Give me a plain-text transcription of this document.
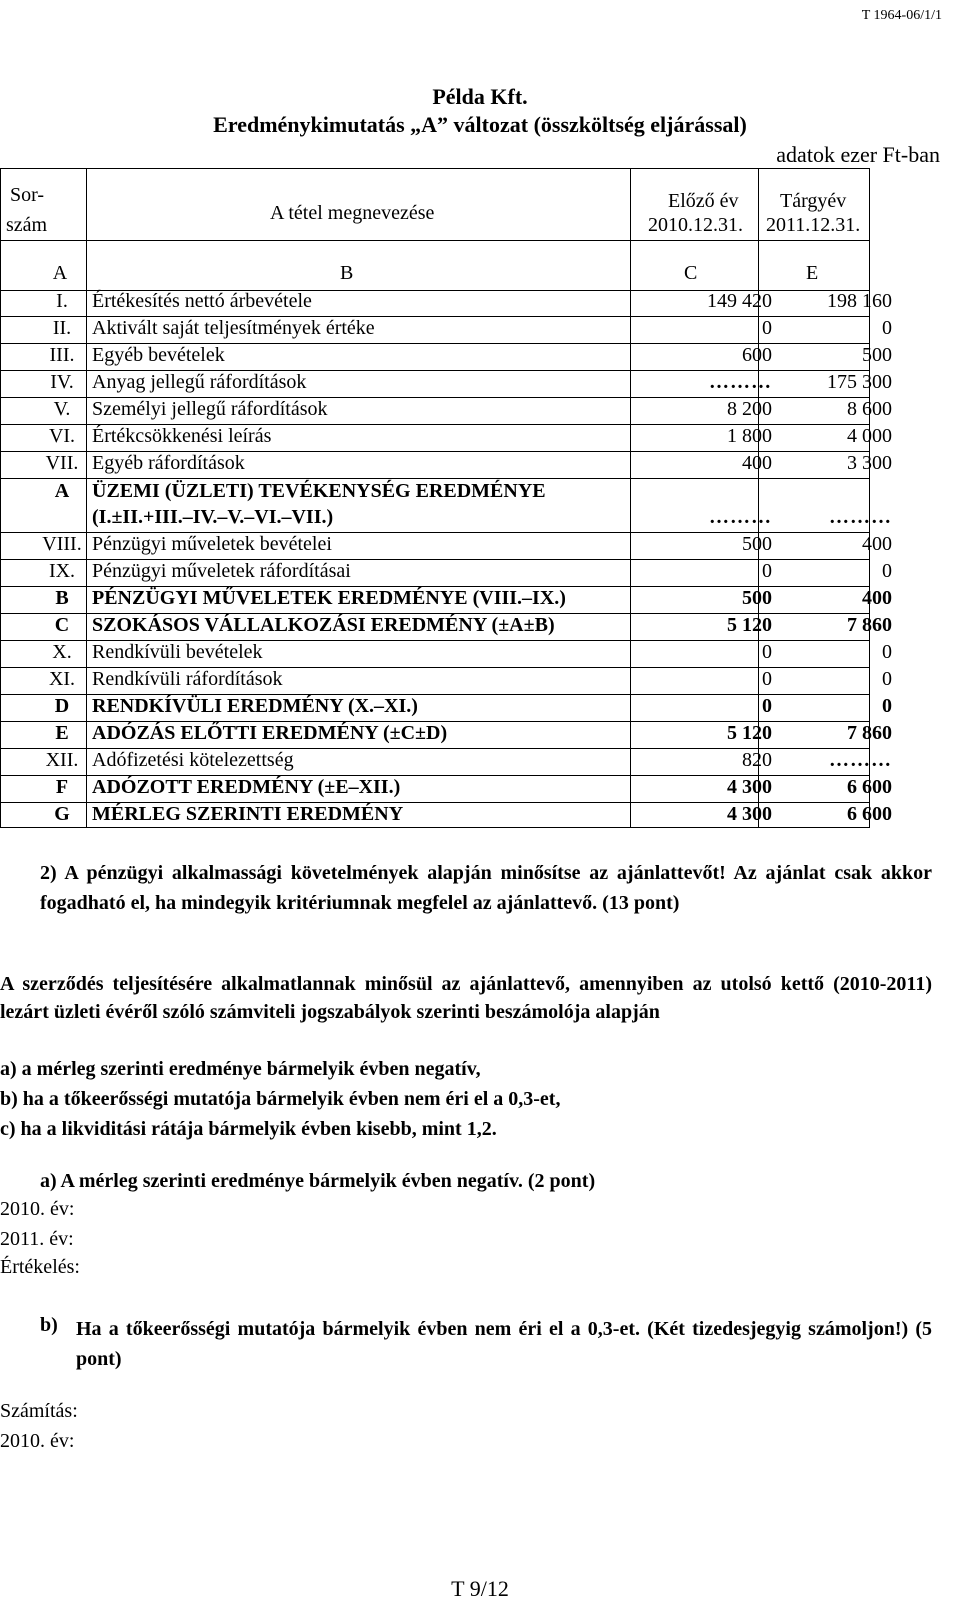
T 1964-06/1/1
Példa Kft.
Eredménykimutatás „A” változat (összköltség eljárással)
adatok ezer Ft-ban
Sor-
szám
A tétel megnevezése
Előző év
2010.12.31.
Tárgyév
2011.12.31.
A	B	C	E
I.	Értékesítés nettó árbevétele	149 420	198 160
II.	Aktivált saját teljesítmények értéke	0	0
III. Egyéb bevételek	600	500
IV. Anyag jellegű ráfordítások	………	175 300
V.	Személyi jellegű ráfordítások	8 200	8 600
VI. Értékcsökkenési leírás	1 800	4 000
VII. Egyéb ráfordítások	400	3 300
A	ÜZEMI (ÜZLETI) TEVÉKENYSÉG EREDMÉNYE
(I.±II.+III.–IV.–V.–VI.–VII.)	………	………
VIII. Pénzügyi műveletek bevételei	500	400
IX. Pénzügyi műveletek ráfordításai	0	0
B	PÉNZÜGYI MŰVELETEK EREDMÉNYE (VIII.–IX.)	500	400
C	SZOKÁSOS VÁLLALKOZÁSI EREDMÉNY (±A±B)	5 120	7 860
X.	Rendkívüli bevételek	0	0
XI. Rendkívüli ráfordítások	0	0
D	RENDKÍVÜLI EREDMÉNY (X.–XI.)	0	0
E	ADÓZÁS ELŐTTI EREDMÉNY (±C±D)	5 120	7 860
XII. Adófizetési kötelezettség	820	………
F	ADÓZOTT EREDMÉNY (±E–XII.)	4 300	6 600
G	MÉRLEG SZERINTI EREDMÉNY	4 300	6 600
2) A pénzügyi alkalmassági követelmények alapján minősítse az ajánlattevőt! Az ajánlat csak akkor fogadható el, ha mindegyik kritériumnak megfelel az ajánlattevő. (13 pont)
A szerződés teljesítésére alkalmatlannak minősül az ajánlattevő, amennyiben az utolsó kettő (2010-2011) lezárt üzleti évéről szóló számviteli jogszabályok szerinti beszámolója alapján
a) a mérleg szerinti eredménye bármelyik évben negatív,
b) ha a tőkeerősségi mutatója bármelyik évben nem éri el a 0,3-et,
c) ha a likviditási rátája bármelyik évben kisebb, mint 1,2.
a) A mérleg szerinti eredménye bármelyik évben negatív. (2 pont)
2010. év:
2011. év:
Értékelés:
b) Ha a tőkeerősségi mutatója bármelyik évben nem éri el a 0,3-et. (Két tizedesjegyig számoljon!) (5 pont)
Számítás:
2010. év:
T 9/12
